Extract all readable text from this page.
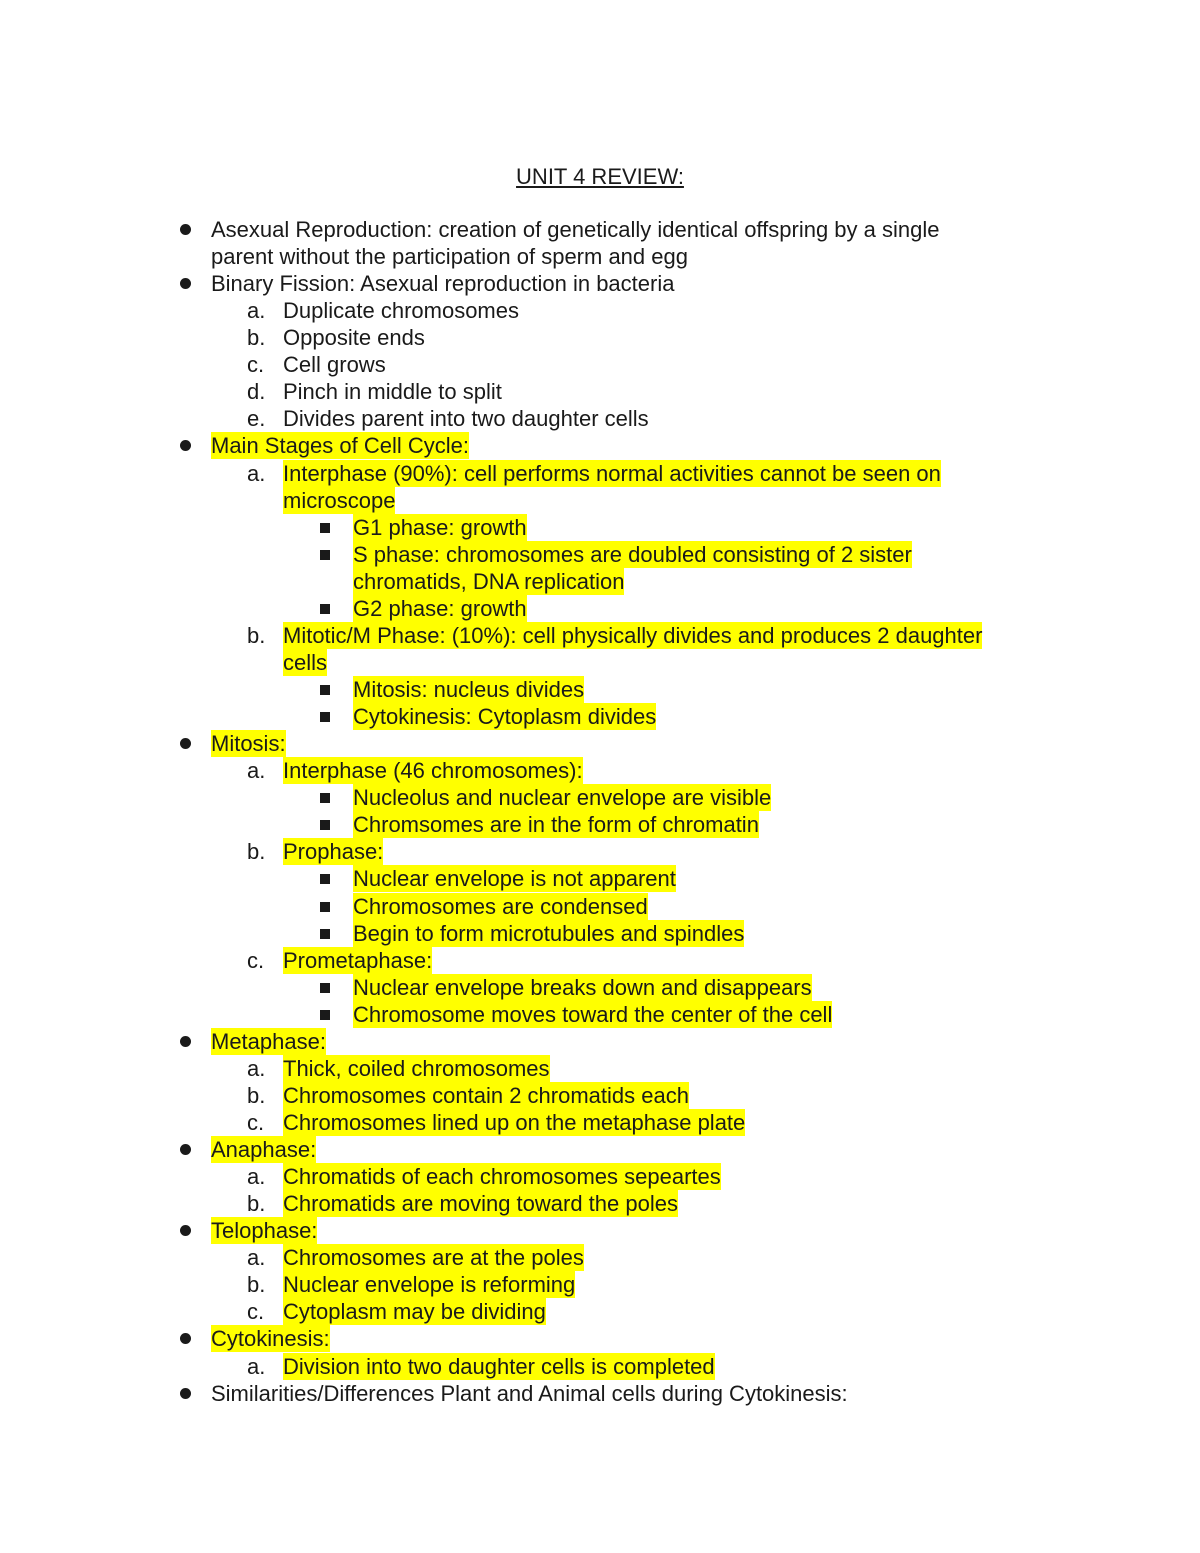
UNIT 4 REVIEW:
Asexual Reproduction: creation of genetically identical offspring by a single
parent without the participation of sperm and egg
Binary Fission: Asexual reproduction in bacteria
a. Duplicate chromosomes
b. Opposite ends
c. Cell grows
d. Pinch in middle to split
e. Divides parent into two daughter cells
Main Stages of Cell Cycle:
a. Interphase (90%): cell performs normal activities cannot be seen on
microscope
G1 phase: growth
S phase: chromosomes are doubled consisting of 2 sister
chromatids, DNA replication
G2 phase: growth
b. Mitotic/M Phase: (10%): cell physically divides and produces 2 daughter
cells
Mitosis: nucleus divides
Cytokinesis: Cytoplasm divides
Mitosis:
a. Interphase (46 chromosomes):
Nucleolus and nuclear envelope are visible
Chromsomes are in the form of chromatin
b. Prophase:
Nuclear envelope is not apparent
Chromosomes are condensed
Begin to form microtubules and spindles
c. Prometaphase:
Nuclear envelope breaks down and disappears
Chromosome moves toward the center of the cell
Metaphase:
a. Thick, coiled chromosomes
b. Chromosomes contain 2 chromatids each
c. Chromosomes lined up on the metaphase plate
Anaphase:
a. Chromatids of each chromosomes sepeartes
b. Chromatids are moving toward the poles
Telophase:
a. Chromosomes are at the poles
b. Nuclear envelope is reforming
c. Cytoplasm may be dividing
Cytokinesis:
a. Division into two daughter cells is completed
Similarities/Differences Plant and Animal cells during Cytokinesis:
